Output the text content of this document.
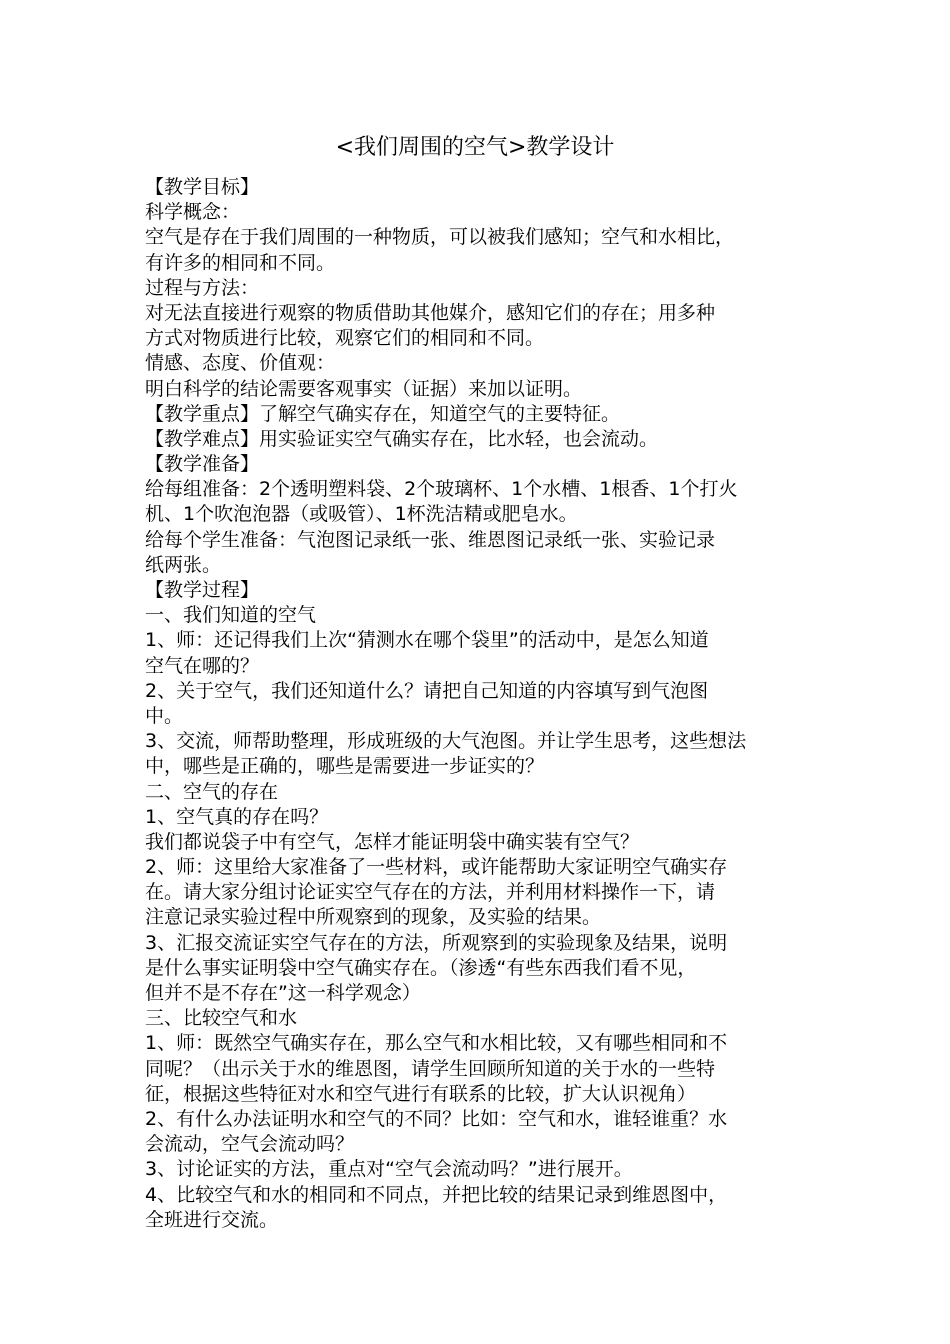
<我们周围的空气>教学设计
【教学目标】
科学概念：
空气是存在于我们周围的一种物质，可以被我们感知；空气和水相比，
有许多的相同和不同。
过程与方法：
对无法直接进行观察的物质借助其他媒介，感知它们的存在；用多种
方式对物质进行比较，观察它们的相同和不同。
情感、态度、价值观：
明白科学的结论需要客观事实（证据）来加以证明。
【教学重点】了解空气确实存在，知道空气的主要特征。
【教学难点】用实验证实空气确实存在，比水轻，也会流动。
【教学准备】
给每组准备：2个透明塑料袋、2个玻璃杯、1个水槽、1根香、1个打火
机、1个吹泡泡器（或吸管）、1杯洗洁精或肥皂水。
给每个学生准备：气泡图记录纸一张、维恩图记录纸一张、实验记录
纸两张。
【教学过程】
一、我们知道的空气
1、师：还记得我们上次“猜测水在哪个袋里”的活动中，是怎么知道
空气在哪的？
2、关于空气，我们还知道什么？请把自己知道的内容填写到气泡图
中。
3、交流，师帮助整理，形成班级的大气泡图。并让学生思考，这些想法
中，哪些是正确的，哪些是需要进一步证实的？
二、空气的存在
1、空气真的存在吗？
我们都说袋子中有空气，怎样才能证明袋中确实装有空气？
2、师：这里给大家准备了一些材料，或许能帮助大家证明空气确实存
在。请大家分组讨论证实空气存在的方法，并利用材料操作一下，请
注意记录实验过程中所观察到的现象，及实验的结果。
3、汇报交流证实空气存在的方法，所观察到的实验现象及结果，说明
是什么事实证明袋中空气确实存在。（渗透“有些东西我们看不见，
但并不是不存在”这一科学观念）
三、比较空气和水
1、师：既然空气确实存在，那么空气和水相比较，又有哪些相同和不
同呢？（出示关于水的维恩图，请学生回顾所知道的关于水的一些特
征，根据这些特征对水和空气进行有联系的比较，扩大认识视角）
2、有什么办法证明水和空气的不同？比如：空气和水，谁轻谁重？水
会流动，空气会流动吗？
3、讨论证实的方法，重点对“空气会流动吗？”进行展开。
4、比较空气和水的相同和不同点，并把比较的结果记录到维恩图中，
全班进行交流。
